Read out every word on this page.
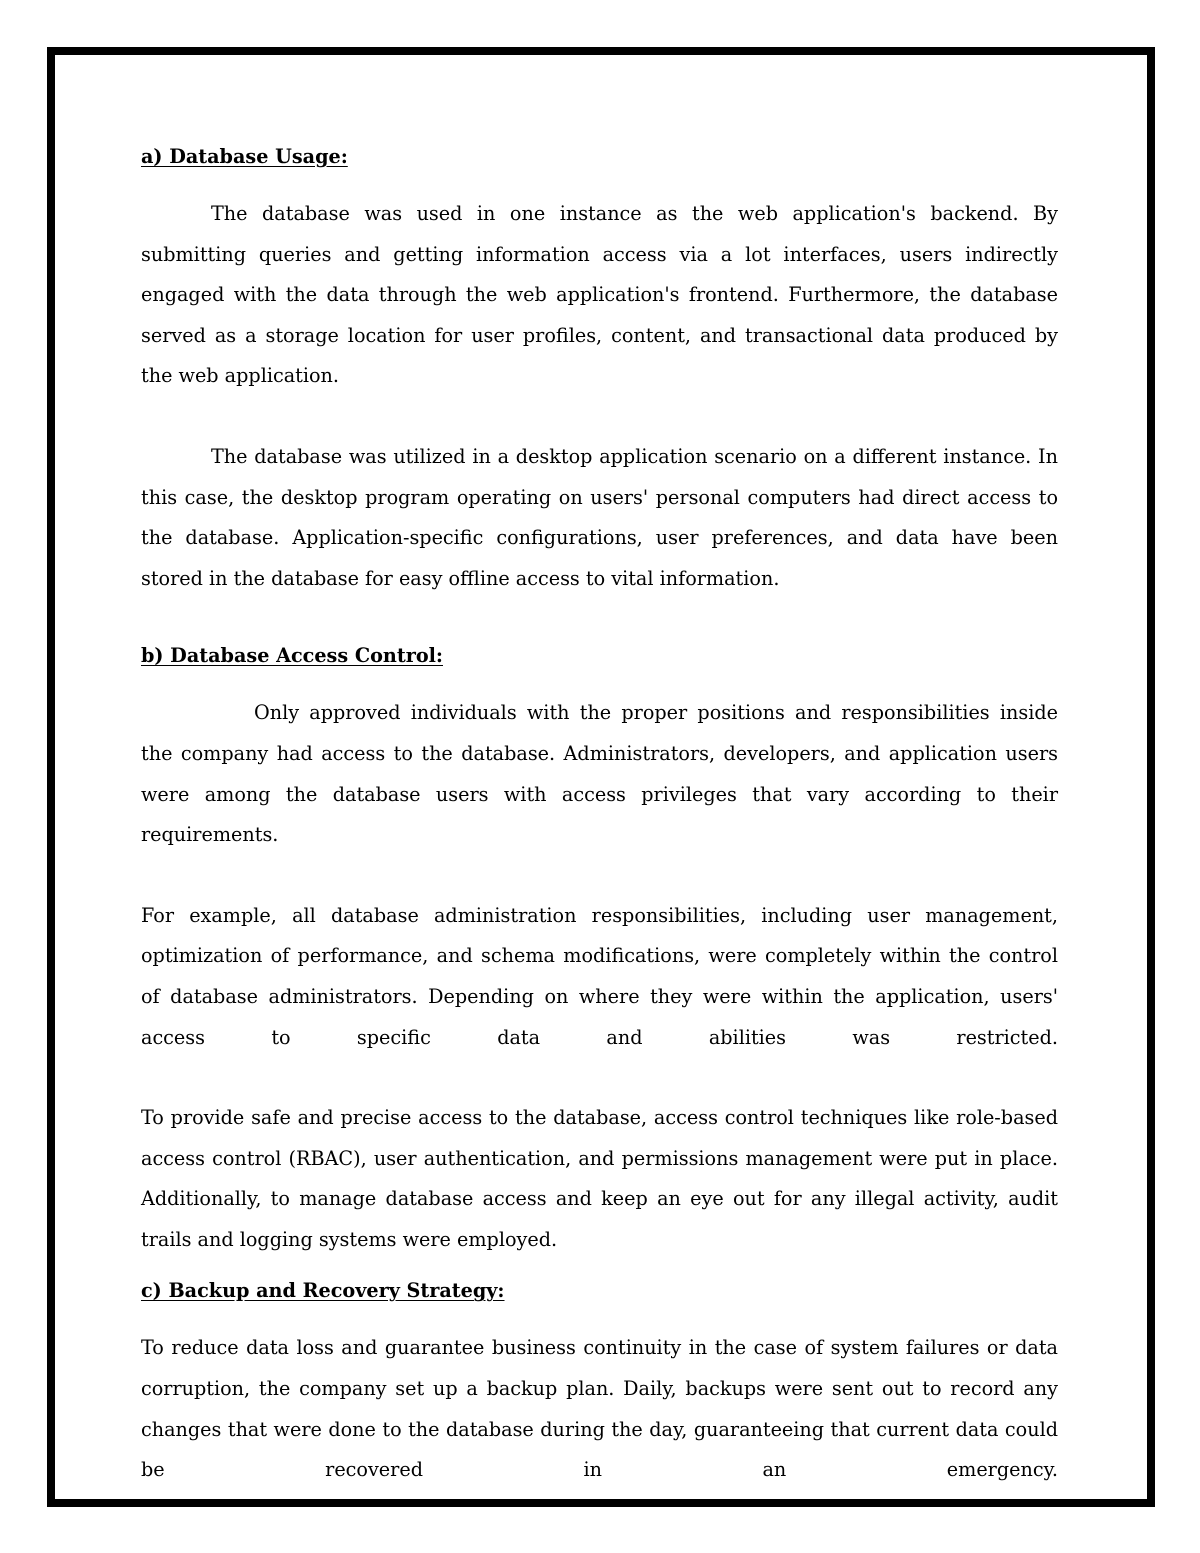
a) Database Usage:

The database was used in one instance as the web application's backend. By submitting queries and getting information access via a lot interfaces, users indirectly engaged with the data through the web application's frontend. Furthermore, the database served as a storage location for user profiles, content, and transactional data produced by the web application.

The database was utilized in a desktop application scenario on a different instance. In this case, the desktop program operating on users' personal computers had direct access to the database. Application-specific configurations, user preferences, and data have been stored in the database for easy offline access to vital information.

b) Database Access Control:

Only approved individuals with the proper positions and responsibilities inside the company had access to the database. Administrators, developers, and application users were among the database users with access privileges that vary according to their requirements.

For example, all database administration responsibilities, including user management, optimization of performance, and schema modifications, were completely within the control of database administrators. Depending on where they were within the application, users' access to specific data and abilities was restricted.

To provide safe and precise access to the database, access control techniques like role-based access control (RBAC), user authentication, and permissions management were put in place. Additionally, to manage database access and keep an eye out for any illegal activity, audit trails and logging systems were employed.

c) Backup and Recovery Strategy:

To reduce data loss and guarantee business continuity in the case of system failures or data corruption, the company set up a backup plan. Daily, backups were sent out to record any changes that were done to the database during the day, guaranteeing that current data could be recovered in an emergency.
